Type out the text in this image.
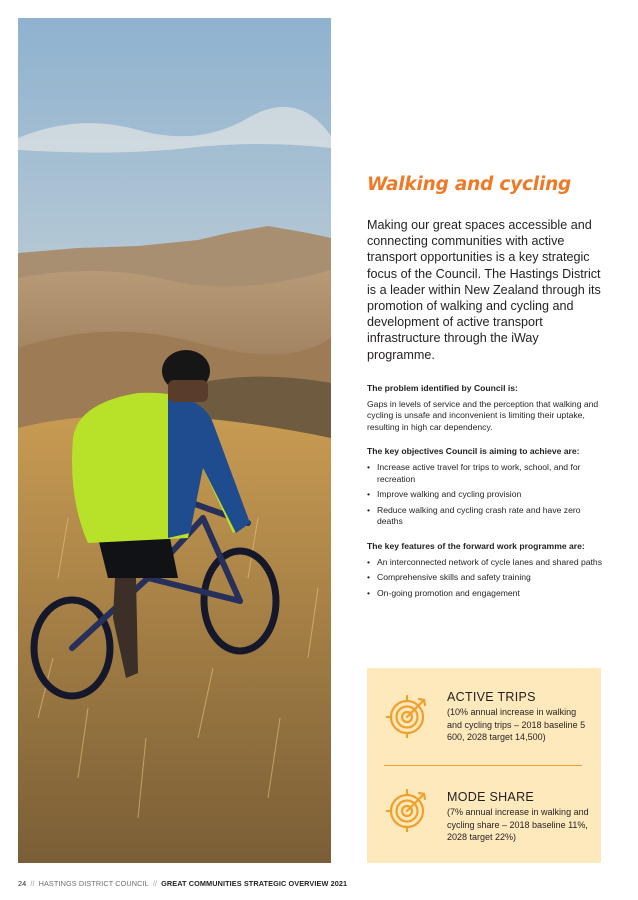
Walking and cycling

Making our great spaces accessible and connecting communities with active transport opportunities is a key strategic focus of the Council. The Hastings District is a leader within New Zealand through its promotion of walking and cycling and development of active transport infrastructure through the iWay programme.

The problem identified by Council is:

Gaps in levels of service and the perception that walking and cycling is unsafe and inconvenient is limiting their uptake, resulting in high car dependency.

The key objectives Council is aiming to achieve are:

• Increase active travel for trips to work, school, and for recreation
• Improve walking and cycling provision
• Reduce walking and cycling crash rate and have zero deaths

The key features of the forward work programme are:

• An interconnected network of cycle lanes and shared paths
• Comprehensive skills and safety training
• On-going promotion and engagement

ACTIVE TRIPS

(10% annual increase in walking and cycling trips – 2018 baseline 5 600, 2028 target 14,500)

MODE SHARE

(7% annual increase in walking and cycling share – 2018 baseline 11%, 2028 target 22%)

24 // HASTINGS DISTRICT COUNCIL // GREAT COMMUNITIES STRATEGIC OVERVIEW 2021
